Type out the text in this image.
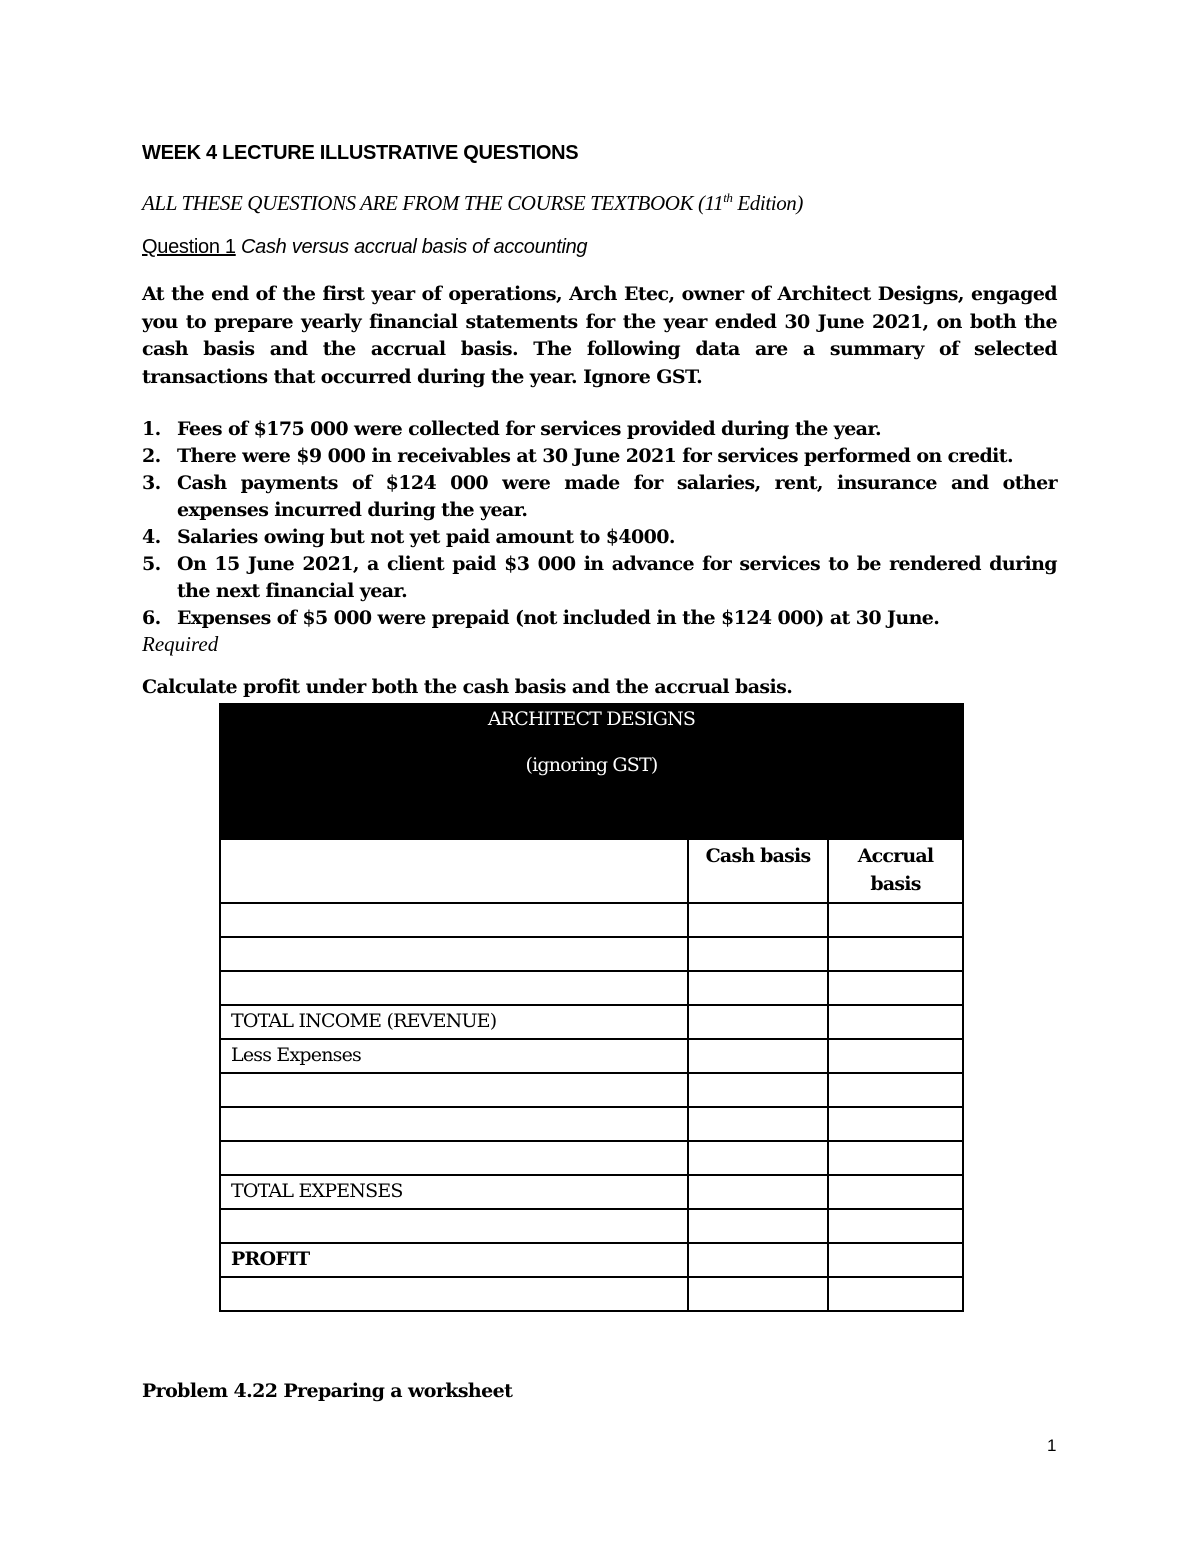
WEEK 4 LECTURE ILLUSTRATIVE QUESTIONS
ALL THESE QUESTIONS ARE FROM THE COURSE TEXTBOOK (11th Edition)
Question 1 Cash versus accrual basis of accounting
At the end of the first year of operations, Arch Etec, owner of Architect Designs, engaged you to prepare yearly financial statements for the year ended 30 June 2021, on both the cash basis and the accrual basis. The following data are a summary of selected transactions that occurred during the year. Ignore GST.
1. Fees of $175 000 were collected for services provided during the year.
2. There were $9 000 in receivables at 30 June 2021 for services performed on credit.
3. Cash payments of $124 000 were made for salaries, rent, insurance and other expenses incurred during the year.
4. Salaries owing but not yet paid amount to $4000.
5. On 15 June 2021, a client paid $3 000 in advance for services to be rendered during the next financial year.
6. Expenses of $5 000 were prepaid (not included in the $124 000) at 30 June.
Required
Calculate profit under both the cash basis and the accrual basis.
ARCHITECT DESIGNS
(ignoring GST)		

	Cash basis	Accrual basis

TOTAL INCOME (REVENUE)		
Less Expenses		

TOTAL EXPENSES		

PROFIT		

Problem 4.22 Preparing a worksheet
1
